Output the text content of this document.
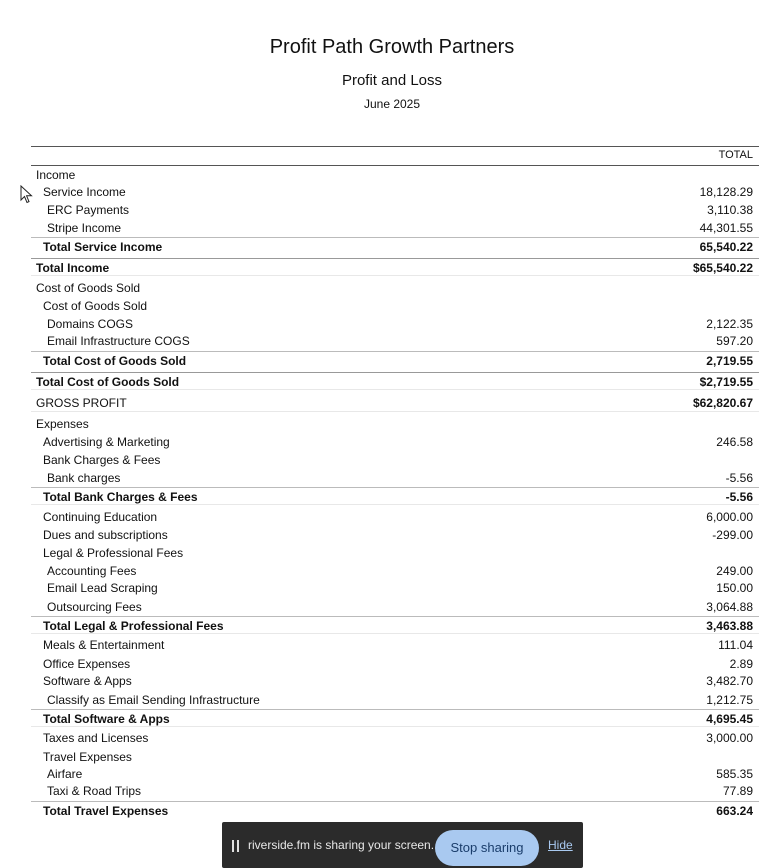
Profit Path Growth Partners
Profit and Loss
June 2025
TOTAL
Income
Service Income	18,128.29
ERC Payments	3,110.38
Stripe Income	44,301.55
Total Service Income	65,540.22
Total Income	$65,540.22
Cost of Goods Sold
Cost of Goods Sold
Domains COGS	2,122.35
Email Infrastructure COGS	597.20
Total Cost of Goods Sold	2,719.55
Total Cost of Goods Sold	$2,719.55
GROSS PROFIT	$62,820.67
Expenses
Advertising & Marketing	246.58
Bank Charges & Fees
Bank charges	-5.56
Total Bank Charges & Fees	-5.56
Continuing Education	6,000.00
Dues and subscriptions	-299.00
Legal & Professional Fees
Accounting Fees	249.00
Email Lead Scraping	150.00
Outsourcing Fees	3,064.88
Total Legal & Professional Fees	3,463.88
Meals & Entertainment	111.04
Office Expenses	2.89
Software & Apps	3,482.70
Classify as Email Sending Infrastructure	1,212.75
Total Software & Apps	4,695.45
Taxes and Licenses	3,000.00
Travel Expenses
Airfare	585.35
Taxi & Road Trips	77.89
Total Travel Expenses	663.24
riverside.fm is sharing your screen.	Stop sharing	Hide
